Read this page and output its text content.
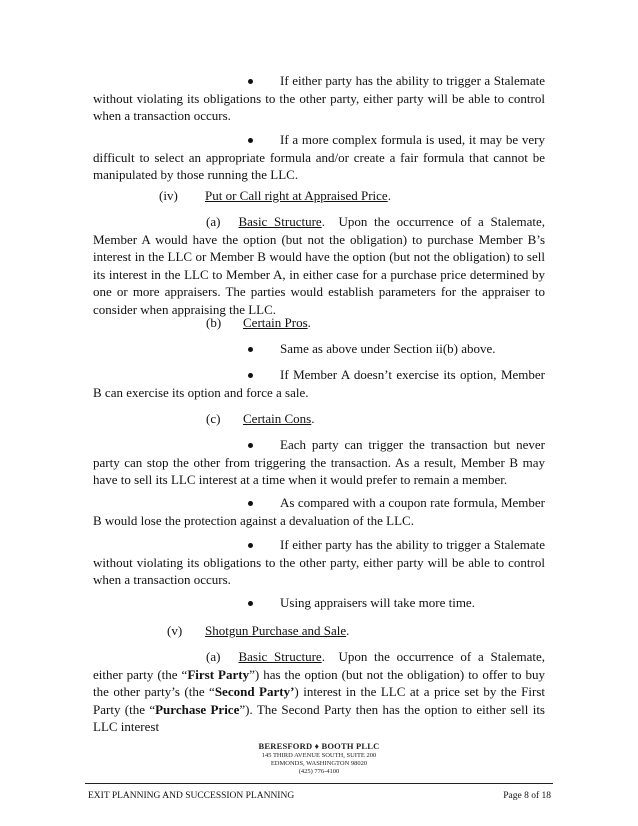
If either party has the ability to trigger a Stalemate without violating its obligations to the other party, either party will be able to control when a transaction occurs.

If a more complex formula is used, it may be very difficult to select an appropriate formula and/or create a fair formula that cannot be manipulated by those running the LLC.

(iv) Put or Call right at Appraised Price.

(a) Basic Structure.  Upon the occurrence of a Stalemate, Member A would have the option (but not the obligation) to purchase Member B’s interest in the LLC or Member B would have the option (but not the obligation) to sell its interest in the LLC to Member A, in either case for a purchase price determined by one or more appraisers. The parties would establish parameters for the appraiser to consider when appraising the LLC.

(b) Certain Pros.

Same as above under Section ii(b) above.

If Member A doesn’t exercise its option, Member B can exercise its option and force a sale.

(c) Certain Cons.

Each party can trigger the transaction but never party can stop the other from triggering the transaction. As a result, Member B may have to sell its LLC interest at a time when it would prefer to remain a member.

As compared with a coupon rate formula, Member B would lose the protection against a devaluation of the LLC.

If either party has the ability to trigger a Stalemate without violating its obligations to the other party, either party will be able to control when a transaction occurs.

Using appraisers will take more time.

(v) Shotgun Purchase and Sale.

(a) Basic Structure.  Upon the occurrence of a Stalemate, either party (the “First Party”) has the option (but not the obligation) to offer to buy the other party’s (the “Second Party’) interest in the LLC at a price set by the First Party (the “Purchase Price”). The Second Party then has the option to either sell its LLC interest

BERESFORD ♦ BOOTH PLLC
145 THIRD AVENUE SOUTH, SUITE 200
EDMONDS, WASHINGTON 98020
(425) 776-4100
EXIT PLANNING AND SUCCESSION PLANNING	Page 8 of 18
